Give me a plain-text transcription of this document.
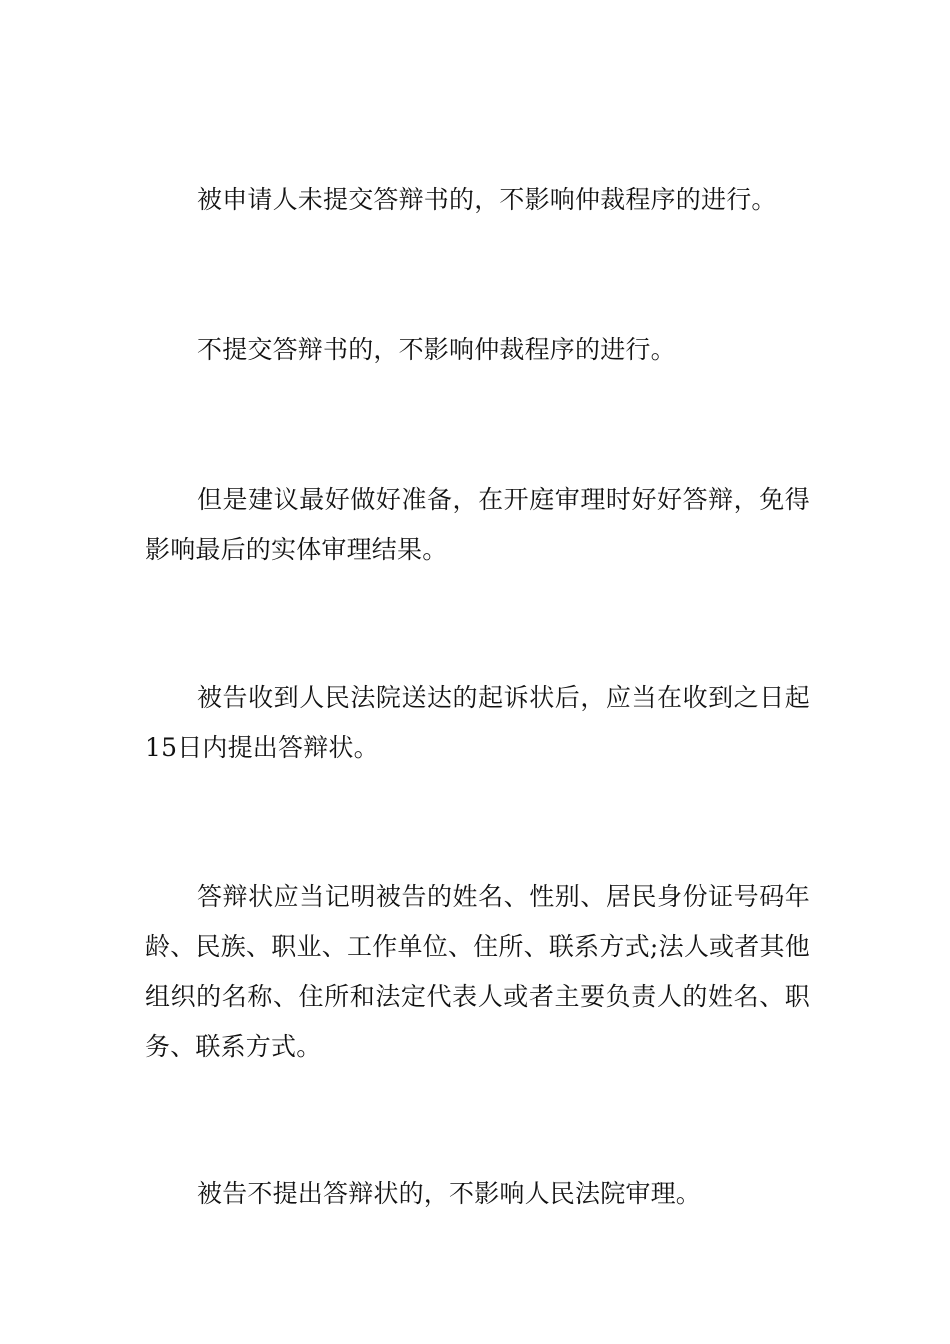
被申请人未提交答辩书的，不影响仲裁程序的进行。

不提交答辩书的，不影响仲裁程序的进行。

但是建议最好做好准备，在开庭审理时好好答辩，免得影响最后的实体审理结果。

被告收到人民法院送达的起诉状后，应当在收到之日起15日内提出答辩状。

答辩状应当记明被告的姓名、性别、居民身份证号码年龄、民族、职业、工作单位、住所、联系方式;法人或者其他组织的名称、住所和法定代表人或者主要负责人的姓名、职务、联系方式。

被告不提出答辩状的，不影响人民法院审理。
